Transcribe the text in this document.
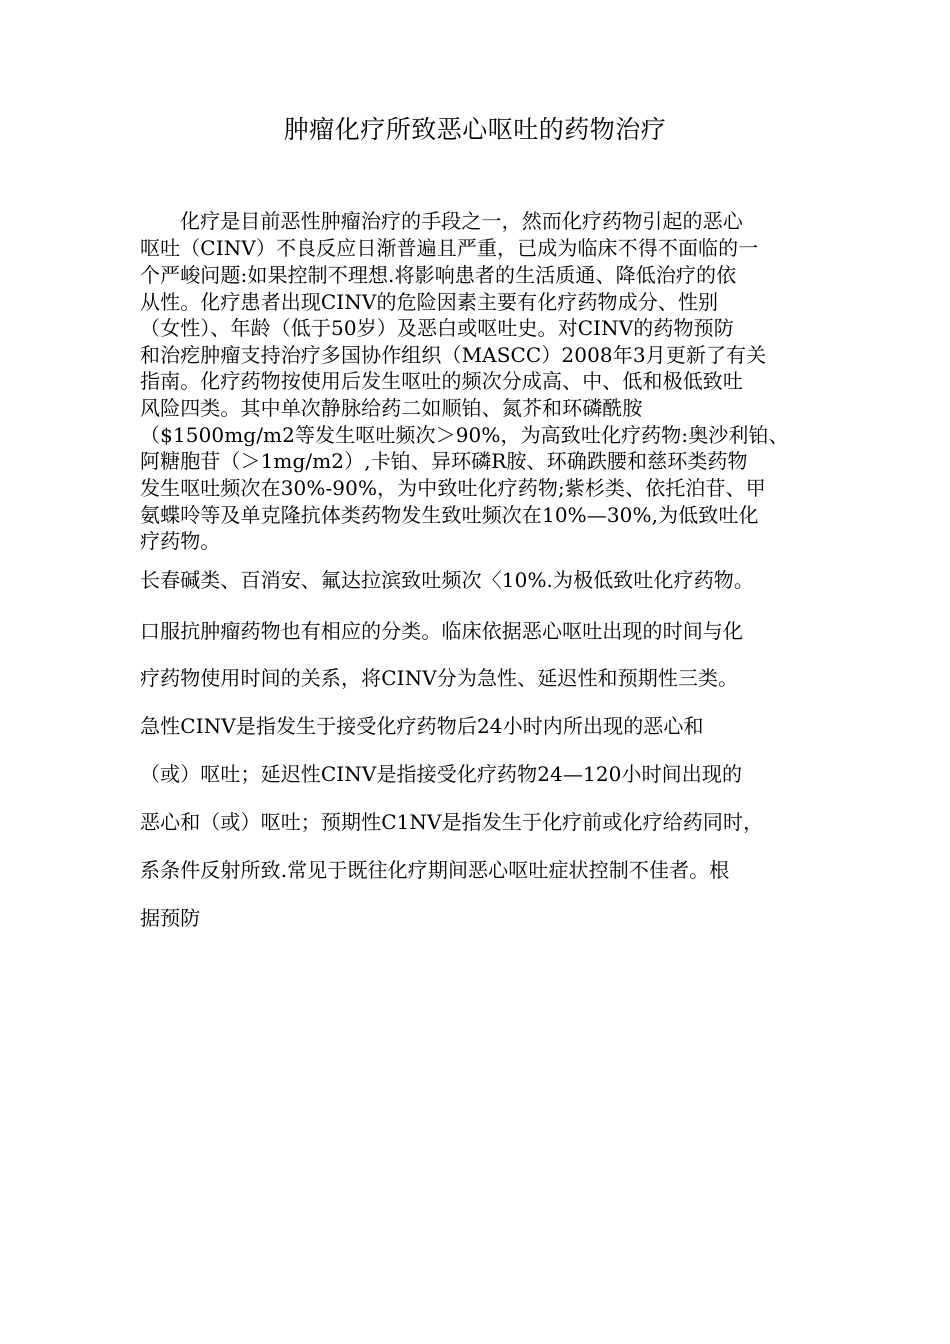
肿瘤化疗所致恶心呕吐的药物治疗
化疗是目前恶性肿瘤治疗的手段之一，然而化疗药物引起的恶心
呕吐（CINV）不良反应日渐普遍且严重，已成为临床不得不面临的一
个严峻问题:如果控制不理想.将影响患者的生活质通、降低治疗的依
从性。化疗患者出现CINV的危险因素主要有化疗药物成分、性别
（女性）、年龄（低于50岁）及恶白或呕吐史。对CINV的药物预防
和治疙肿瘤支持治疗多国协作组织（MASCC）2008年3月更新了有关
指南。化疗药物按使用后发生呕吐的频次分成高、中、低和极低致吐
风险四类。其中单次静脉给药二如顺铂、氮芥和环磷酰胺
（$1500mg/m2等发生呕吐频次＞90%，为高致吐化疗药物:奥沙利铂、
阿糖胞苷（＞1mg/m2）,卡铂、异环磷R胺、环确跌腰和慈环类药物
发生呕吐频次在30%-90%，为中致吐化疗药物;紫杉类、依托泊苷、甲
氨蝶呤等及单克隆抗体类药物发生致吐频次在10%—30%,为低致吐化
疗药物。
长春碱类、百消安、氟达拉滨致吐频次〈10%.为极低致吐化疗药物。
口服抗肿瘤药物也有相应的分类。临床依据恶心呕吐出现的时间与化
疗药物使用时间的关系，将CINV分为急性、延迟性和预期性三类。
急性CINV是指发生于接受化疗药物后24小时内所出现的恶心和
（或）呕吐；延迟性CINV是指接受化疗药物24—120小时间出现的
恶心和（或）呕吐；预期性C1NV是指发生于化疗前或化疗给药同时，
系条件反射所致.常见于既往化疗期间恶心呕吐症状控制不佳者。根
据预防
